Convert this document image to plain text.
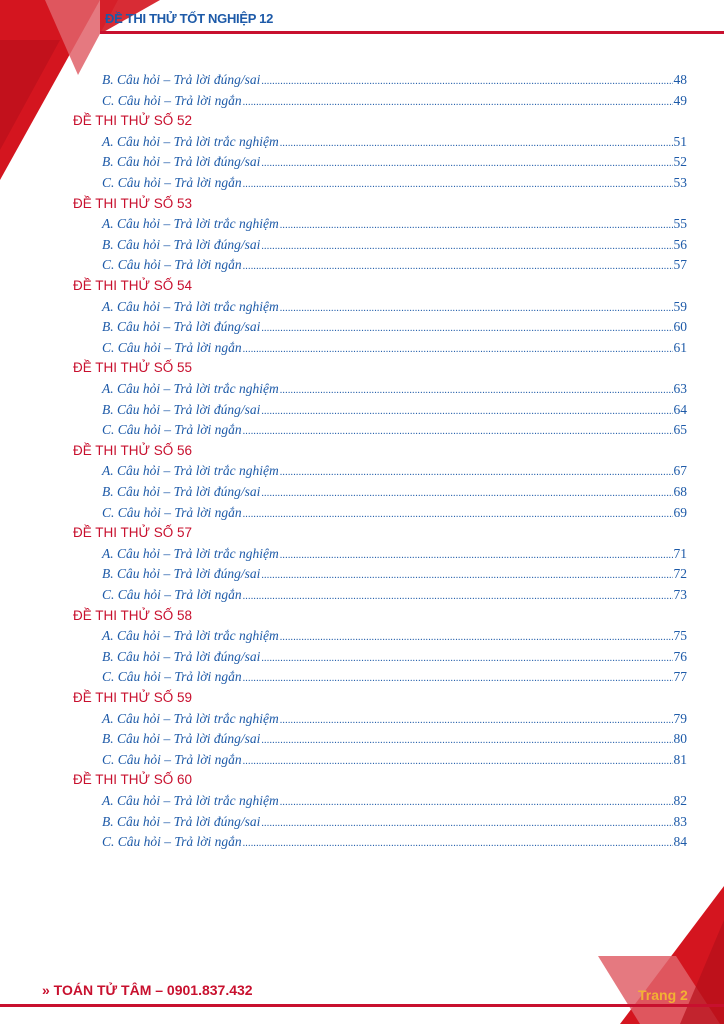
ĐỀ THI THỬ TỐT NGHIỆP 12
B. Câu hỏi – Trả lời đúng/sai .....	48
C. Câu hỏi – Trả lời ngắn .....	49
ĐỀ THI THỬ SỐ 52
A. Câu hỏi – Trả lời trắc nghiệm .....	51
B. Câu hỏi – Trả lời đúng/sai .....	52
C. Câu hỏi – Trả lời ngắn .....	53
ĐỀ THI THỬ SỐ 53
A. Câu hỏi – Trả lời trắc nghiệm .....	55
B. Câu hỏi – Trả lời đúng/sai .....	56
C. Câu hỏi – Trả lời ngắn .....	57
ĐỀ THI THỬ SỐ 54
A. Câu hỏi – Trả lời trắc nghiệm .....	59
B. Câu hỏi – Trả lời đúng/sai .....	60
C. Câu hỏi – Trả lời ngắn .....	61
ĐỀ THI THỬ SỐ 55
A. Câu hỏi – Trả lời trắc nghiệm .....	63
B. Câu hỏi – Trả lời đúng/sai .....	64
C. Câu hỏi – Trả lời ngắn .....	65
ĐỀ THI THỬ SỐ 56
A. Câu hỏi – Trả lời trắc nghiệm .....	67
B. Câu hỏi – Trả lời đúng/sai .....	68
C. Câu hỏi – Trả lời ngắn .....	69
ĐỀ THI THỬ SỐ 57
A. Câu hỏi – Trả lời trắc nghiệm .....	71
B. Câu hỏi – Trả lời đúng/sai .....	72
C. Câu hỏi – Trả lời ngắn .....	73
ĐỀ THI THỬ SỐ 58
A. Câu hỏi – Trả lời trắc nghiệm .....	75
B. Câu hỏi – Trả lời đúng/sai .....	76
C. Câu hỏi – Trả lời ngắn .....	77
ĐỀ THI THỬ SỐ 59
A. Câu hỏi – Trả lời trắc nghiệm .....	79
B. Câu hỏi – Trả lời đúng/sai .....	80
C. Câu hỏi – Trả lời ngắn .....	81
ĐỀ THI THỬ SỐ 60
A. Câu hỏi – Trả lời trắc nghiệm .....	82
B. Câu hỏi – Trả lời đúng/sai .....	83
C. Câu hỏi – Trả lời ngắn .....	84
» TOÁN TỬ TÂM – 0901.837.432	Trang 2
